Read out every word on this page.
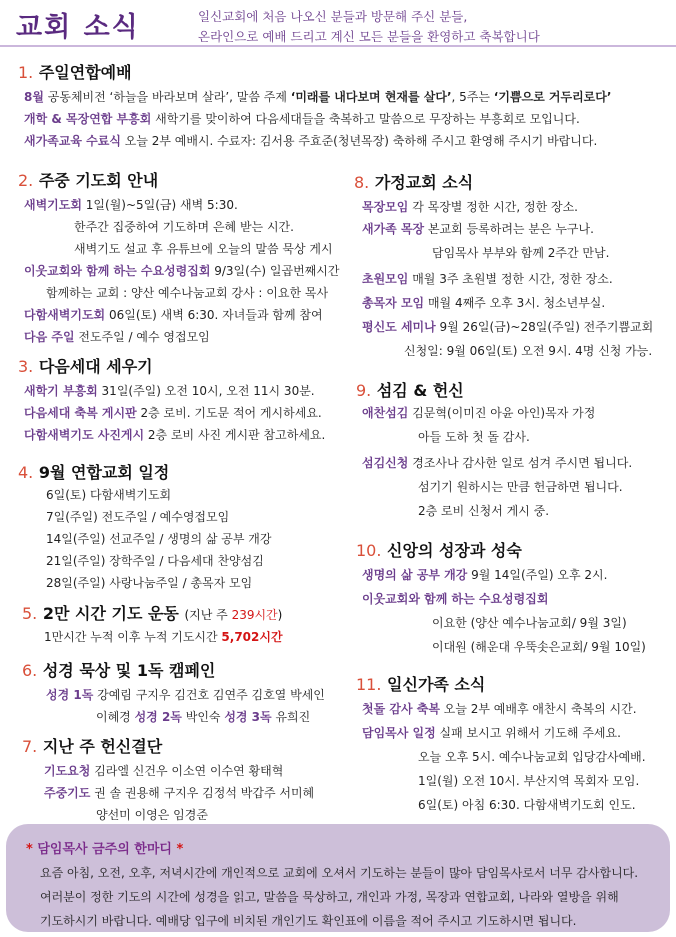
교회 소식	일신교회에 처음 나오신 분들과 방문해 주신 분들,
온라인으로 예배 드리고 계신 모든 분들을 환영하고 축복합니다
1. 주일연합예배
8월 공동체비전 ‘하늘을 바라보며 살라’, 말씀 주제 ‘미래를 내다보며 현재를 살다’, 5주는 ‘기쁨으로 거두리로다’
개학 & 목장연합 부흥회 새학기를 맞이하여 다음세대들을 축복하고 말씀으로 무장하는 부흥회로 모입니다.
새가족교육 수료식 오늘 2부 예배시. 수료자: 김서용 주효준(청년목장) 축하해 주시고 환영해 주시기 바랍니다.
2. 주중 기도회 안내
새벽기도회 1일(월)~5일(금) 새벽 5:30.
한주간 집중하여 기도하며 은혜 받는 시간.
새벽기도 설교 후 유튜브에 오늘의 말씀 묵상 게시
이웃교회와 함께 하는 수요성령집회 9/3일(수) 일곱번째시간
함께하는 교회 : 양산 예수나눔교회 강사 : 이요한 목사
다함새벽기도회 06일(토) 새벽 6:30. 자녀들과 함께 참여
다음 주일 전도주일 / 예수 영접모임
3. 다음세대 세우기
새학기 부흥회 31일(주일) 오전 10시, 오전 11시 30분.
다음세대 축복 게시판 2층 로비. 기도문 적어 게시하세요.
다함새벽기도 사진게시 2층 로비 사진 게시판 참고하세요.
4. 9월 연합교회 일정
6일(토) 다함새벽기도회
7일(주일) 전도주일 / 예수영접모임
14일(주일) 선교주일 / 생명의 삶 공부 개강
21일(주일) 장학주일 / 다음세대 찬양섬김
28일(주일) 사랑나눔주일 / 총목자 모임
5. 2만 시간 기도 운동 (지난 주 239시간)
1만시간 누적 이후 누적 기도시간 5,702시간
6. 성경 묵상 및 1독 캠페인
성경 1독 강예림 구지우 김건호 김연주 김호열 박세인
이혜경 성경 2독 박인숙 성경 3독 유희진
7. 지난 주 헌신결단
기도요청 김라엘 신건우 이소연 이수연 황태혁
주중기도 권 솔 권용해 구지우 김정석 박갑주 서미혜
양선미 이영은 임경준
8. 가정교회 소식
목장모임 각 목장별 정한 시간, 정한 장소.
새가족 목장 본교회 등록하려는 분은 누구나.
담임목사 부부와 함께 2주간 만남.
초원모임 매월 3주 초원별 정한 시간, 정한 장소.
총목자 모임 매월 4째주 오후 3시. 청소년부실.
평신도 세미나 9월 26일(금)~28일(주일) 전주기쁨교회
신청일: 9월 06일(토) 오전 9시. 4명 신청 가능.
9. 섬김 & 헌신
애찬섬김 김문혁(이미진 아윤 아인)목자 가정
아들 도하 첫 돌 감사.
섬김신청 경조사나 감사한 일로 섬겨 주시면 됩니다.
섬기기 원하시는 만큼 헌금하면 됩니다.
2층 로비 신청서 게시 중.
10. 신앙의 성장과 성숙
생명의 삶 공부 개강 9월 14일(주일) 오후 2시.
이웃교회와 함께 하는 수요성령집회
이요한 (양산 예수나눔교회/ 9월 3일)
이대원 (해운대 우뚝솟은교회/ 9월 10일)
11. 일신가족 소식
첫돌 감사 축복 오늘 2부 예배후 애찬시 축복의 시간.
담임목사 일정 실패 보시고 위해서 기도해 주세요.
오늘 오후 5시. 예수나눔교회 입당감사예배.
1일(월) 오전 10시. 부산지역 목회자 모임.
6일(토) 아침 6:30. 다함새벽기도회 인도.
* 담임목사 금주의 한마디 *
요즘 아침, 오전, 오후, 저녁시간에 개인적으로 교회에 오셔서 기도하는 분들이 많아 담임목사로서 너무 감사합니다.
여러분이 정한 기도의 시간에 성경을 읽고, 말씀을 묵상하고, 개인과 가정, 목장과 연합교회, 나라와 열방을 위해
기도하시기 바랍니다. 예배당 입구에 비치된 개인기도 확인표에 이름을 적어 주시고 기도하시면 됩니다.
